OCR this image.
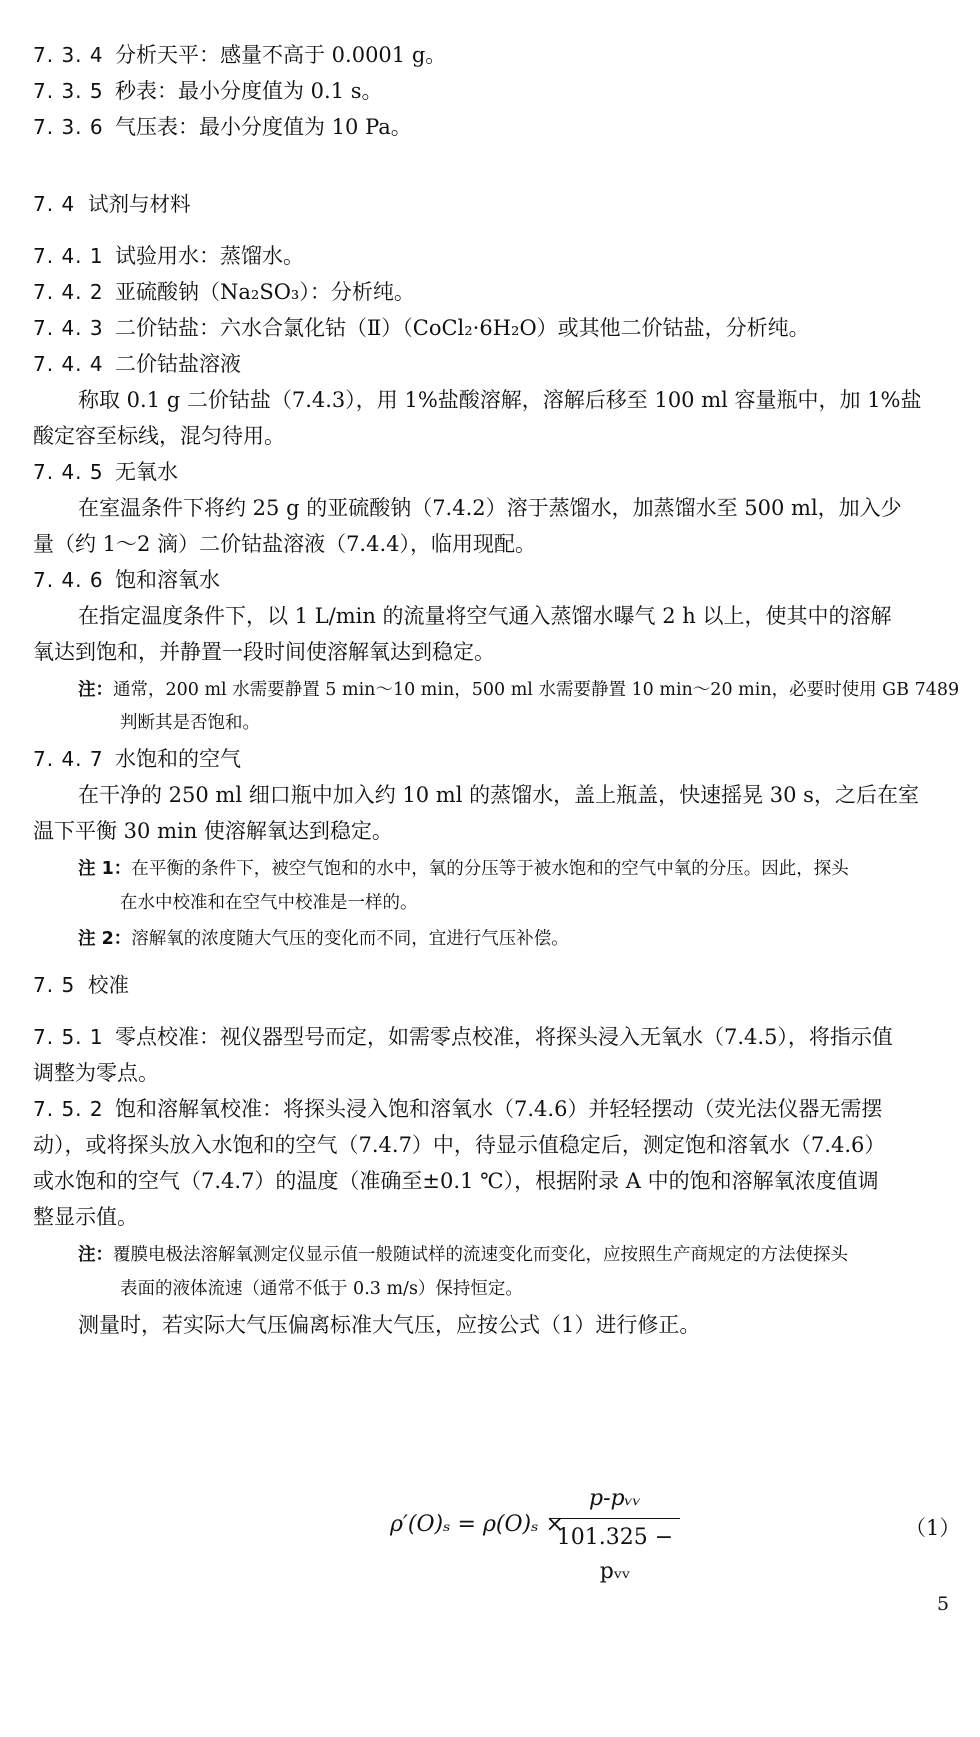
7. 3. 4 分析天平：感量不高于 0.0001 g。
7. 3. 5 秒表：最小分度值为 0.1 s。
7. 3. 6 气压表：最小分度值为 10 Pa。
7. 4 试剂与材料
7. 4. 1 试验用水：蒸馏水。
7. 4. 2 亚硫酸钠（Na₂SO₃）：分析纯。
7. 4. 3 二价钴盐：六水合氯化钴（Ⅱ）（CoCl₂·6H₂O）或其他二价钴盐，分析纯。
7. 4. 4 二价钴盐溶液
称取 0.1 g 二价钴盐（7.4.3），用 1%盐酸溶解，溶解后移至 100 ml 容量瓶中，加 1%盐
酸定容至标线，混匀待用。
7. 4. 5 无氧水
在室温条件下将约 25 g 的亚硫酸钠（7.4.2）溶于蒸馏水，加蒸馏水至 500 ml，加入少
量（约 1～2 滴）二价钴盐溶液（7.4.4），临用现配。
7. 4. 6 饱和溶氧水
在指定温度条件下，以 1 L/min 的流量将空气通入蒸馏水曝气 2 h 以上，使其中的溶解
氧达到饱和，并静置一段时间使溶解氧达到稳定。
注：通常，200 ml 水需要静置 5 min～10 min，500 ml 水需要静置 10 min～20 min，必要时使用 GB 7489
判断其是否饱和。
7. 4. 7 水饱和的空气
在干净的 250 ml 细口瓶中加入约 10 ml 的蒸馏水，盖上瓶盖，快速摇晃 30 s，之后在室
温下平衡 30 min 使溶解氧达到稳定。
注 1：在平衡的条件下，被空气饱和的水中，氧的分压等于被水饱和的空气中氧的分压。因此，探头
在水中校准和在空气中校准是一样的。
注 2：溶解氧的浓度随大气压的变化而不同，宜进行气压补偿。
7. 5 校准
7. 5. 1 零点校准：视仪器型号而定，如需零点校准，将探头浸入无氧水（7.4.5），将指示值
调整为零点。
7. 5. 2 饱和溶解氧校准：将探头浸入饱和溶氧水（7.4.6）并轻轻摆动（荧光法仪器无需摆
动），或将探头放入水饱和的空气（7.4.7）中，待显示值稳定后，测定饱和溶氧水（7.4.6）
或水饱和的空气（7.4.7）的温度（准确至±0.1 ℃），根据附录 A 中的饱和溶解氧浓度值调
整显示值。
注：覆膜电极法溶解氧测定仪显示值一般随试样的流速变化而变化，应按照生产商规定的方法使探头
表面的液体流速（通常不低于 0.3 m/s）保持恒定。
测量时，若实际大气压偏离标准大气压，应按公式（1）进行修正。
ρ′(O)ₛ = ρ(O)ₛ ×
p-pᵥᵥ
101.325 − pᵥᵥ
（1）
5
